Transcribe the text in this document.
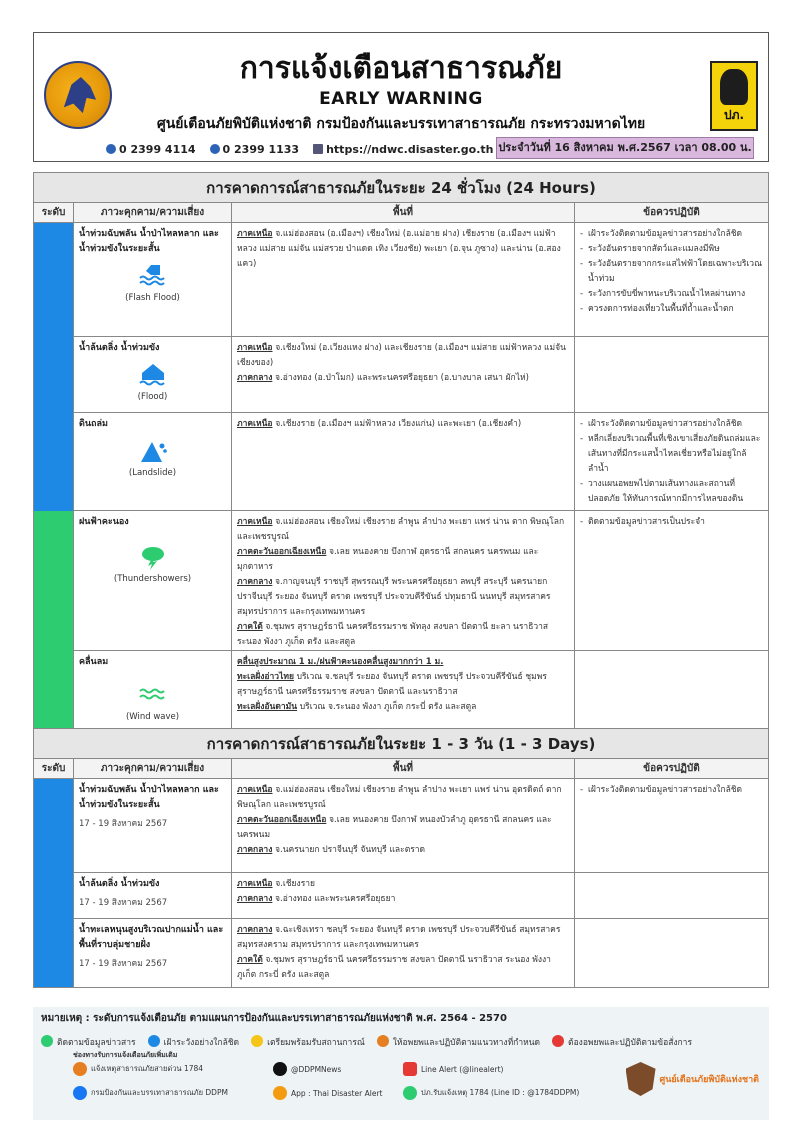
ปภ.
การแจ้งเตือนสาธารณภัย
EARLY WARNING
ศูนย์เตือนภัยพิบัติแห่งชาติ กรมป้องกันและบรรเทาสาธารณภัย กระทรวงมหาดไทย
0 2399 4114	0 2399 1133	https://ndwc.disaster.go.th ประจำวันที่ 16 สิงหาคม พ.ศ.2567 เวลา 08.00 น.
การคาดการณ์สาธารณภัยในระยะ 24 ชั่วโมง (24 Hours)
ระดับ	ภาวะคุกคาม/ความเสี่ยง	พื้นที่	ข้อควรปฏิบัติ
น้ำท่วมฉับพลัน น้ำป่าไหลหลาก และน้ำท่วมขังในระยะสั้น
(Flash Flood)
ภาคเหนือ จ.แม่ฮ่องสอน (อ.เมืองฯ) เชียงใหม่ (อ.แม่อาย ฝาง) เชียงราย (อ.เมืองฯ แม่ฟ้าหลวง แม่สาย แม่จัน แม่สรวย ป่าแดด เทิง เวียงชัย) พะเยา (อ.จุน ภูซาง) และน่าน (อ.สองแคว)
- เฝ้าระวังติดตามข้อมูลข่าวสารอย่างใกล้ชิด
- ระวังอันตรายจากสัตว์และแมลงมีพิษ
- ระวังอันตรายจากกระแสไฟฟ้าโดยเฉพาะบริเวณน้ำท่วม
- ระวังการขับขี่พาหนะบริเวณน้ำไหลผ่านทาง
- ควรงดการท่องเที่ยวในพื้นที่ถ้ำและน้ำตก
น้ำล้นตลิ่ง น้ำท่วมขัง
(Flood)
ภาคเหนือ จ.เชียงใหม่ (อ.เวียงแหง ฝาง) และเชียงราย (อ.เมืองฯ แม่สาย แม่ฟ้าหลวง แม่จัน เชียงของ)
ภาคกลาง จ.อ่างทอง (อ.ป่าโมก) และพระนครศรีอยุธยา (อ.บางบาล เสนา ผักไห่)
ดินถล่ม
(Landslide)
ภาคเหนือ จ.เชียงราย (อ.เมืองฯ แม่ฟ้าหลวง เวียงแก่น) และพะเยา (อ.เชียงคำ)
-	เฝ้าระวังติดตามข้อมูลข่าวสารอย่างใกล้ชิด
- หลีกเลี่ยงบริเวณพื้นที่เชิงเขาเสี่ยงภัยดินถล่มและเส้นทางที่มีกระแสน้ำไหลเชี่ยวหรือไม่อยู่ใกล้ลำน้ำ
- วางแผนอพยพไปตามเส้นทางและสถานที่ปลอดภัย ให้ทันการณ์หากมีการไหลของดิน
ฝนฟ้าคะนอง
(Thundershowers)
ภาคเหนือ จ.แม่ฮ่องสอน เชียงใหม่ เชียงราย ลำพูน ลำปาง พะเยา แพร่ น่าน ตาก พิษณุโลก และเพชรบูรณ์
ภาคตะวันออกเฉียงเหนือ จ.เลย หนองคาย บึงกาฬ อุดรธานี สกลนคร นครพนม และมุกดาหาร
ภาคกลาง จ.กาญจนบุรี ราชบุรี สุพรรณบุรี พระนครศรีอยุธยา ลพบุรี สระบุรี นครนายก ปราจีนบุรี ระยอง จันทบุรี ตราด เพชรบุรี ประจวบคีรีขันธ์ ปทุมธานี นนทบุรี สมุทรสาคร สมุทรปราการ และกรุงเทพมหานคร
ภาคใต้ จ.ชุมพร สุราษฎร์ธานี นครศรีธรรมราช พัทลุง สงขลา ปัตตานี ยะลา นราธิวาส ระนอง พังงา ภูเก็ต ตรัง และสตูล
- ติดตามข้อมูลข่าวสารเป็นประจำ
คลื่นลม
(Wind wave)
คลื่นสูงประมาณ 1 ม./ฝนฟ้าคะนองคลื่นสูงมากกว่า 1 ม.
ทะเลฝั่งอ่าวไทย บริเวณ จ.ชลบุรี ระยอง จันทบุรี ตราด เพชรบุรี ประจวบคีรีขันธ์ ชุมพร สุราษฎร์ธานี นครศรีธรรมราช สงขลา ปัตตานี และนราธิวาส
ทะเลฝั่งอันดามัน บริเวณ จ.ระนอง พังงา ภูเก็ต กระบี่ ตรัง และสตูล
การคาดการณ์สาธารณภัยในระยะ 1 - 3 วัน (1 - 3 Days)
ระดับ	ภาวะคุกคาม/ความเสี่ยง	พื้นที่	ข้อควรปฏิบัติ
น้ำท่วมฉับพลัน น้ำป่าไหลหลาก และน้ำท่วมขังในระยะสั้น
17 - 19 สิงหาคม 2567
ภาคเหนือ จ.แม่ฮ่องสอน เชียงใหม่ เชียงราย ลำพูน ลำปาง พะเยา แพร่ น่าน อุตรดิตถ์ ตาก พิษณุโลก และเพชรบูรณ์
ภาคตะวันออกเฉียงเหนือ จ.เลย หนองคาย บึงกาฬ หนองบัวลำภู อุดรธานี สกลนคร และนครพนม
ภาคกลาง จ.นครนายก ปราจีนบุรี จันทบุรี และตราด
- เฝ้าระวังติดตามข้อมูลข่าวสารอย่างใกล้ชิด
น้ำล้นตลิ่ง น้ำท่วมขัง
17 - 19 สิงหาคม 2567
ภาคเหนือ จ.เชียงราย
ภาคกลาง จ.อ่างทอง และพระนครศรีอยุธยา
น้ำทะเลหนุนสูงบริเวณปากแม่น้ำ และพื้นที่ราบลุ่มชายฝั่ง
17 - 19 สิงหาคม 2567
ภาคกลาง จ.ฉะเชิงเทรา ชลบุรี ระยอง จันทบุรี ตราด เพชรบุรี ประจวบคีรีขันธ์ สมุทรสาคร สมุทรสงคราม สมุทรปราการ และกรุงเทพมหานคร
ภาคใต้ จ.ชุมพร สุราษฎร์ธานี นครศรีธรรมราช สงขลา ปัตตานี นราธิวาส ระนอง พังงา ภูเก็ต กระบี่ ตรัง และสตูล
หมายเหตุ : ระดับการแจ้งเตือนภัย ตามแผนการป้องกันและบรรเทาสาธารณภัยแห่งชาติ พ.ศ. 2564 - 2570
ติดตามข้อมูลข่าวสาร	เฝ้าระวังอย่างใกล้ชิด	เตรียมพร้อมรับสถานการณ์	ให้อพยพและปฏิบัติตามแนวทางที่กำหนด	ต้องอพยพและปฏิบัติตามข้อสั่งการ
ช่องทางรับการแจ้งเตือนภัยเพิ่มเติม
แจ้งเหตุสาธารณภัยสายด่วน 1784	@DDPMNews	Line Alert (@linealert)
กรมป้องกันและบรรเทาสาธารณภัย DDPM	App : Thai Disaster Alert	ปภ.รับแจ้งเหตุ 1784 (Line ID : @1784DDPM)
ศูนย์เตือนภัยพิบัติแห่งชาติ
